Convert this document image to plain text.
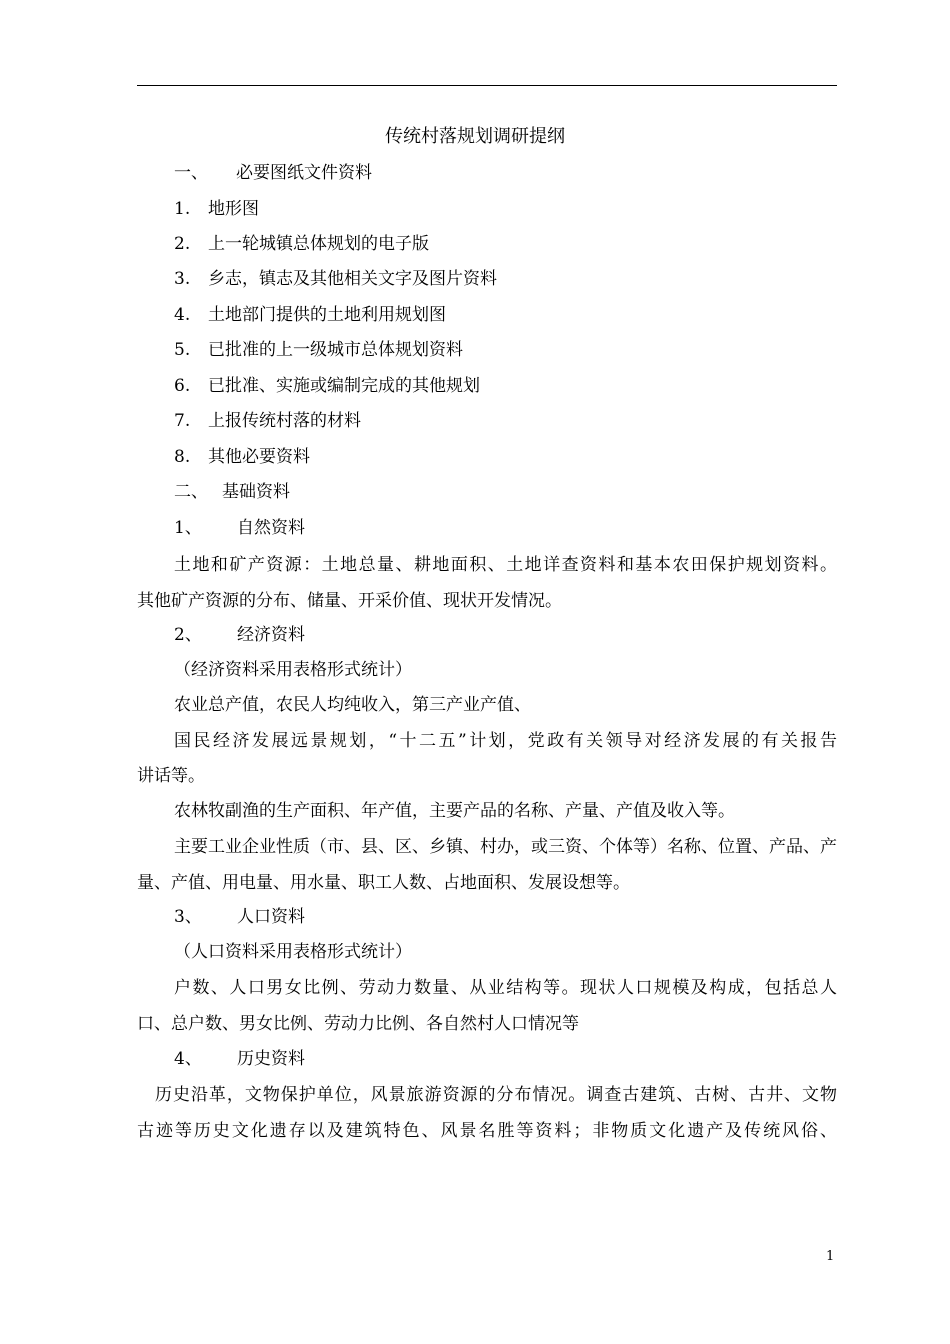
传统村落规划调研提纲
一、 必要图纸文件资料
1. 地形图
2. 上一轮城镇总体规划的电子版
3. 乡志，镇志及其他相关文字及图片资料
4. 土地部门提供的土地利用规划图
5. 已批准的上一级城市总体规划资料
6. 已批准、实施或编制完成的其他规划
7. 上报传统村落的材料
8. 其他必要资料
二、 基础资料
1、 自然资料
土地和矿产资源：土地总量、耕地面积、土地详查资料和基本农田保护规划资料。
其他矿产资源的分布、储量、开采价值、现状开发情况。
2、 经济资料
（经济资料采用表格形式统计）
农业总产值，农民人均纯收入，第三产业产值、
国民经济发展远景规划，“十二五”计划，党政有关领导对经济发展的有关报告
讲话等。
农林牧副渔的生产面积、年产值，主要产品的名称、产量、产值及收入等。
主要工业企业性质（市、县、区、乡镇、村办，或三资、个体等）名称、位置、产品、产
量、产值、用电量、用水量、职工人数、占地面积、发展设想等。
3、 人口资料
（人口资料采用表格形式统计）
户数、人口男女比例、劳动力数量、从业结构等。现状人口规模及构成，包括总人
口、总户数、男女比例、劳动力比例、各自然村人口情况等
4、 历史资料
历史沿革，文物保护单位，风景旅游资源的分布情况。调查古建筑、古树、古井、文物
古迹等历史文化遗存以及建筑特色、风景名胜等资料；非物质文化遗产及传统风俗、
1
